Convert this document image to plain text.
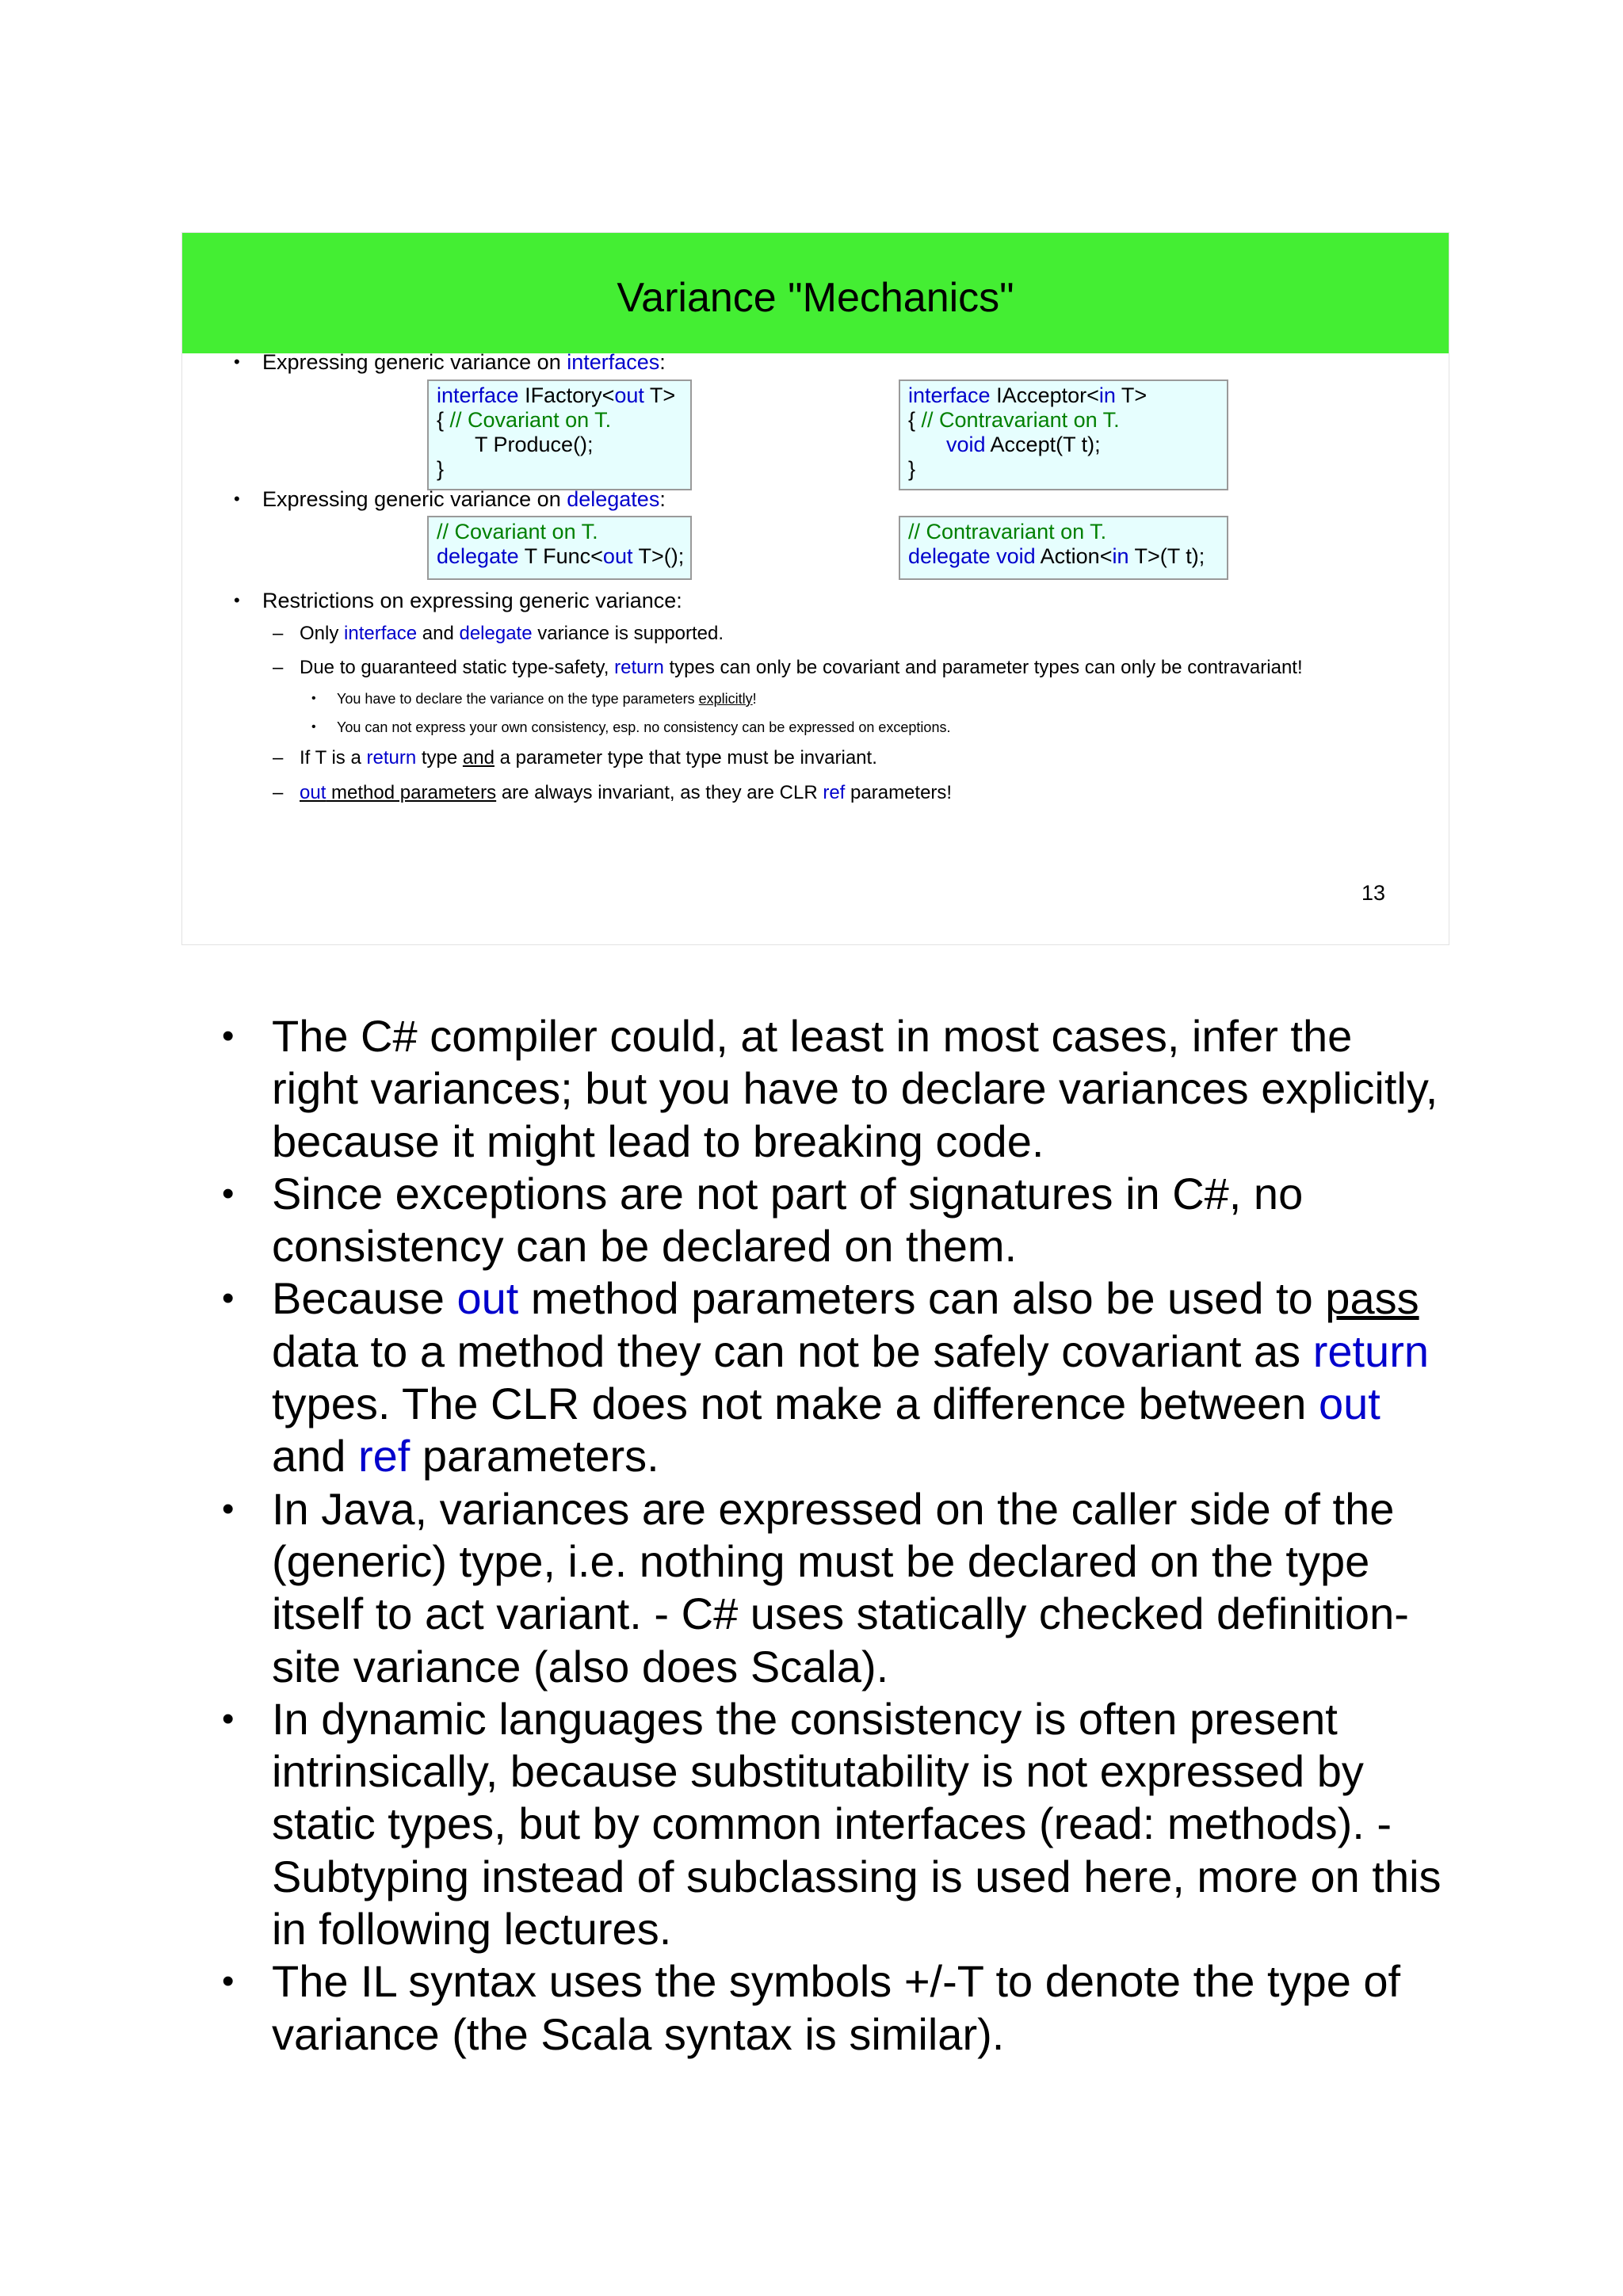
Variance "Mechanics"
• Expressing generic variance on interfaces:
interface IFactory<out T>
{ // Covariant on T.
T Produce();
}
interface IAcceptor<in T>
{ // Contravariant on T.
void Accept(T t);
}
• Expressing generic variance on delegates:
// Covariant on T.
delegate T Func<out T>();
// Contravariant on T.
delegate void Action<in T>(T t);
• Restrictions on expressing generic variance:
– Only interface and delegate variance is supported.
– Due to guaranteed static type-safety, return types can only be covariant and parameter types can only be contravariant!
• You have to declare the variance on the type parameters explicitly!
• You can not express your own consistency, esp. no consistency can be expressed on exceptions.
– If T is a return type and a parameter type that type must be invariant.
– out method parameters are always invariant, as they are CLR ref parameters!
13

• The C# compiler could, at least in most cases, infer the right variances; but you have to declare variances explicitly, because it might lead to breaking code.

• Since exceptions are not part of signatures in C#, no consistency can be declared on them.

• Because out method parameters can also be used to pass data to a method they can not be safely covariant as return types. The CLR does not make a difference between out and ref parameters.

• In Java, variances are expressed on the caller side of the (generic) type, i.e. nothing must be declared on the type itself to act variant. - C# uses statically checked definition-site variance (also does Scala).

• In dynamic languages the consistency is often present intrinsically, because substitutability is not expressed by static types, but by common interfaces (read: methods). - Subtyping instead of subclassing is used here, more on this in following lectures.

• The IL syntax uses the symbols +/-T to denote the type of variance (the Scala syntax is similar).
